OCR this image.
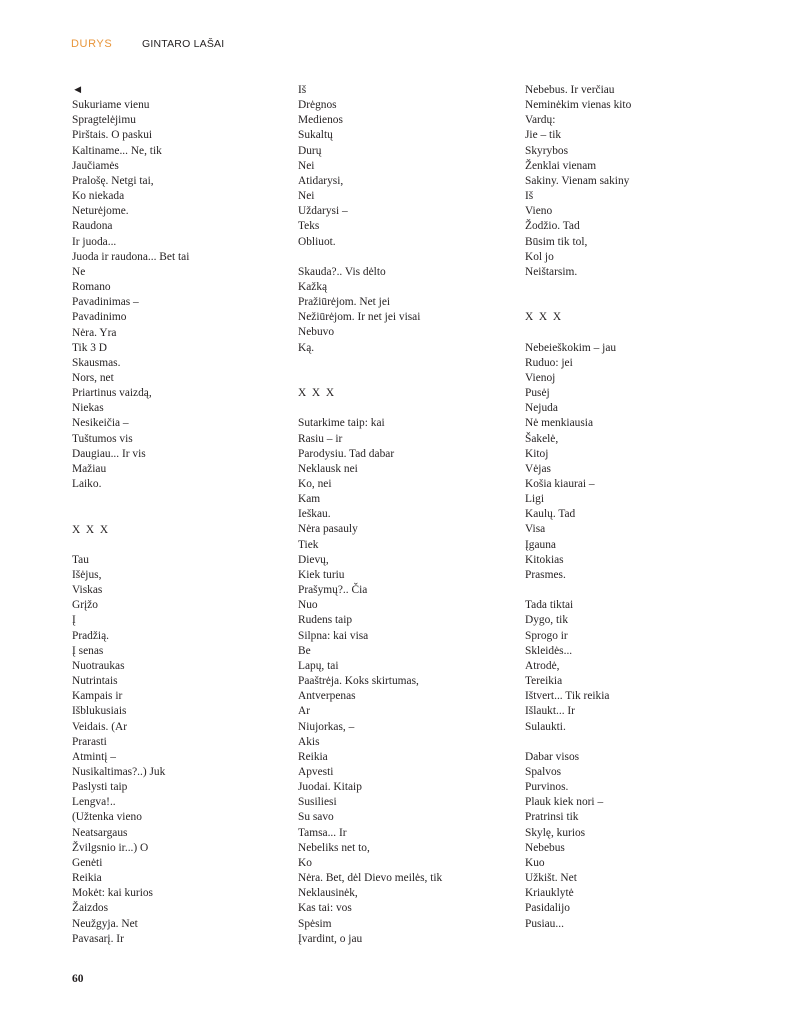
DURYS	GINTARO LAŠAI
◄
Sukuriame vienu
Spragtelėjimu
Pirštais. O paskui
Kaltiname... Ne, tik
Jaučiamės
Pralošę. Netgi tai,
Ko niekada
Neturėjome.
Raudona
Ir juoda...
Juoda ir raudona... Bet tai
Ne
Romano
Pavadinimas –
Pavadinimo
Nėra. Yra
Tik 3 D
Skausmas.
Nors, net
Priartinus vaizdą,
Niekas
Nesikeičia –
Tuštumos vis
Daugiau... Ir vis
Mažiau
Laiko.
X  X  X
Tau
Išėjus,
Viskas
Grįžo
Į
Pradžią.
Į senas
Nuotraukas
Nutrintais
Kampais ir
Išblukusiais
Veidais. (Ar
Prarasti
Atmintį –
Nusikaltimas?..) Juk
Paslysti taip
Lengva!..
(Užtenka vieno
Neatsargaus
Žvilgsnio ir...) O
Genėti
Reikia
Mokėt: kai kurios
Žaizdos
Neužgyja. Net
Pavasarį. Ir
Iš
Drėgnos
Medienos
Sukaltų
Durų
Nei
Atidarysi,
Nei
Uždarysi –
Teks
Obliuot.
Skauda?.. Vis dėlto
Kažką
Pražiūrėjom. Net jei
Nežiūrėjom. Ir net jei visai
Nebuvo
Ką.
X  X  X
Sutarkime taip: kai
Rasiu – ir
Parodysiu. Tad dabar
Neklausk nei
Ko, nei
Kam
Ieškau.
Nėra pasauly
Tiek
Dievų,
Kiek turiu
Prašymų?.. Čia
Nuo
Rudens taip
Silpna: kai visa
Be
Lapų, tai
Paaštrėja. Koks skirtumas,
Antverpenas
Ar
Niujorkas, –
Akis
Reikia
Apvesti
Juodai. Kitaip
Susiliesi
Su savo
Tamsa... Ir
Nebeliks net to,
Ko
Nėra. Bet, dėl Dievo meilės, tik
Neklausinėk,
Kas tai: vos
Spėsim
Įvardint, o jau
Nebebus. Ir verčiau
Neminėkim vienas kito
Vardų:
Jie – tik
Skyrybos
Ženklai vienam
Sakiny. Vienam sakiny
Iš
Vieno
Žodžio. Tad
Būsim tik tol,
Kol jo
Neištarsim.
X  X  X
Nebeieškokim – jau
Ruduo: jei
Vienoj
Pusėj
Nejuda
Nė menkiausia
Šakelė,
Kitoj
Vėjas
Košia kiaurai –
Ligi
Kaulų. Tad
Visa
Įgauna
Kitokias
Prasmes.
Tada tiktai
Dygo, tik
Sprogo ir
Skleidės...
Atrodė,
Tereikia
Ištvert... Tik reikia
Išlaukt... Ir
Sulaukti.
Dabar visos
Spalvos
Purvinos.
Plauk kiek nori –
Pratrinsi tik
Skylę, kurios
Nebebus
Kuo
Užkišt. Net
Kriauklytė
Pasidalijo
Pusiau...
60
